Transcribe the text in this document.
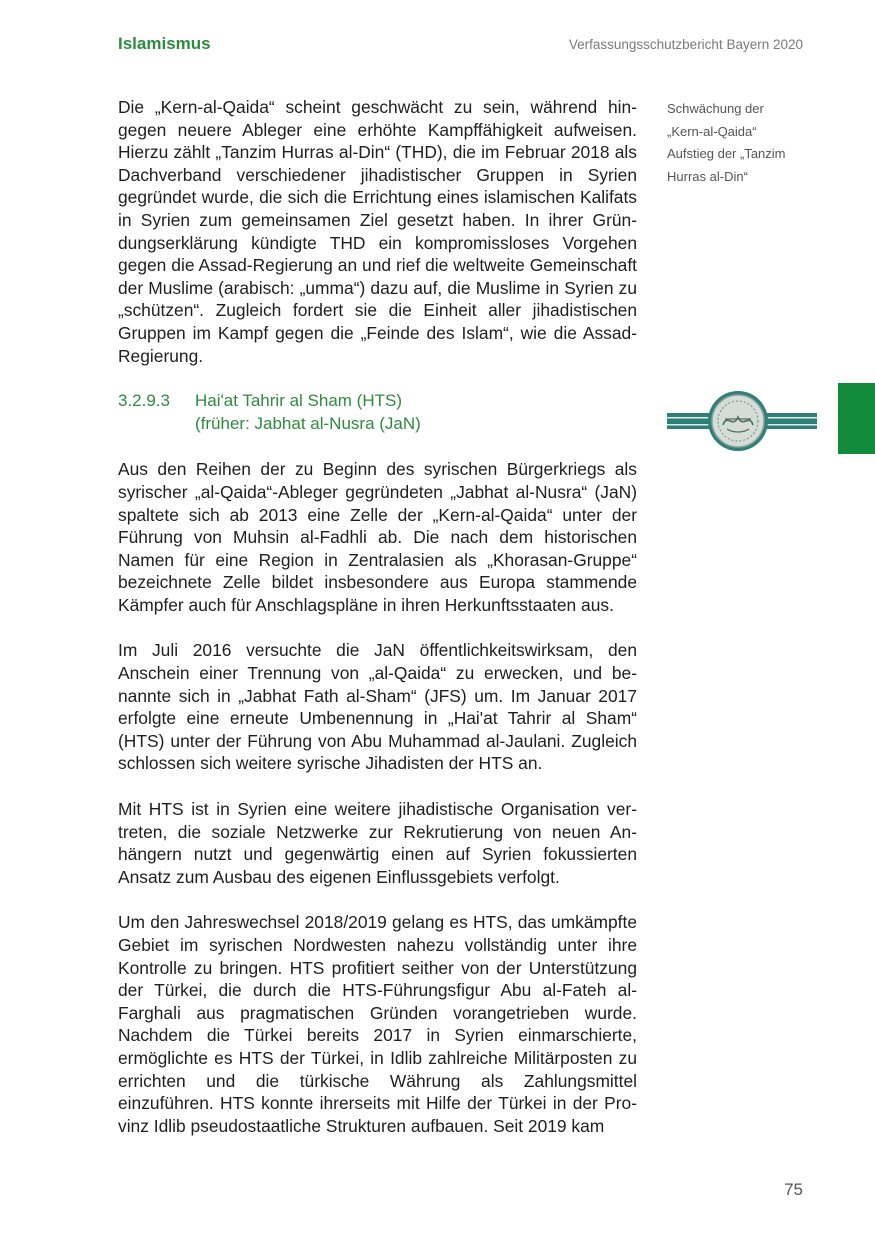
Islamismus	Verfassungsschutzbericht Bayern 2020

Die „Kern-al-Qaida“ scheint geschwächt zu sein, während hingegen neuere Ableger eine erhöhte Kampffähigkeit aufweisen. Hierzu zählt „Tanzim Hurras al-Din“ (THD), die im Februar 2018 als Dachverband verschiedener jihadistischer Gruppen in Syrien gegründet wurde, die sich die Errichtung eines islamischen Kalifats in Syrien zum gemeinsamen Ziel gesetzt haben. In ihrer Gründungserklärung kündigte THD ein kompromissloses Vorgehen gegen die Assad-Regierung an und rief die weltweite Gemeinschaft der Muslime (arabisch: „umma“) dazu auf, die Muslime in Syrien zu „schützen“. Zugleich fordert sie die Einheit aller jihadistischen Gruppen im Kampf gegen die „Feinde des Islam“, wie die Assad-Regierung.

3.2.9.3	Hai'at Tahrir al Sham (HTS)
(früher: Jabhat al-Nusra (JaN)

Aus den Reihen der zu Beginn des syrischen Bürgerkriegs als syrischer „al-Qaida“-Ableger gegründeten „Jabhat al-Nusra“ (JaN) spaltete sich ab 2013 eine Zelle der „Kern-al-Qaida“ unter der Führung von Muhsin al-Fadhli ab. Die nach dem historischen Namen für eine Region in Zentralasien als „Khorasan-Gruppe“ bezeichnete Zelle bildet insbesondere aus Europa stammende Kämpfer auch für Anschlagspläne in ihren Herkunftsstaaten aus.

Im Juli 2016 versuchte die JaN öffentlichkeitswirksam, den Anschein einer Trennung von „al-Qaida“ zu erwecken, und benannte sich in „Jabhat Fath al-Sham“ (JFS) um. Im Januar 2017 erfolgte eine erneute Umbenennung in „Hai'at Tahrir al Sham“ (HTS) unter der Führung von Abu Muhammad al-Jaulani. Zugleich schlossen sich weitere syrische Jihadisten der HTS an.

Mit HTS ist in Syrien eine weitere jihadistische Organisation vertreten, die soziale Netzwerke zur Rekrutierung von neuen Anhängern nutzt und gegenwärtig einen auf Syrien fokussierten Ansatz zum Ausbau des eigenen Einflussgebiets verfolgt.

Um den Jahreswechsel 2018/2019 gelang es HTS, das umkämpfte Gebiet im syrischen Nordwesten nahezu vollständig unter ihre Kontrolle zu bringen. HTS profitiert seither von der Unterstützung der Türkei, die durch die HTS-Führungsfigur Abu al-Fateh al-Farghali aus pragmatischen Gründen vorangetrieben wurde. Nachdem die Türkei bereits 2017 in Syrien einmarschierte, ermöglichte es HTS der Türkei, in Idlib zahlreiche Militärposten zu errichten und die türkische Währung als Zahlungsmittel einzuführen. HTS konnte ihrerseits mit Hilfe der Türkei in der Provinz Idlib pseudostaatliche Strukturen aufbauen. Seit 2019 kam

Schwächung der
„Kern-al-Qaida“
Aufstieg der „Tanzim
Hurras al-Din“
75
